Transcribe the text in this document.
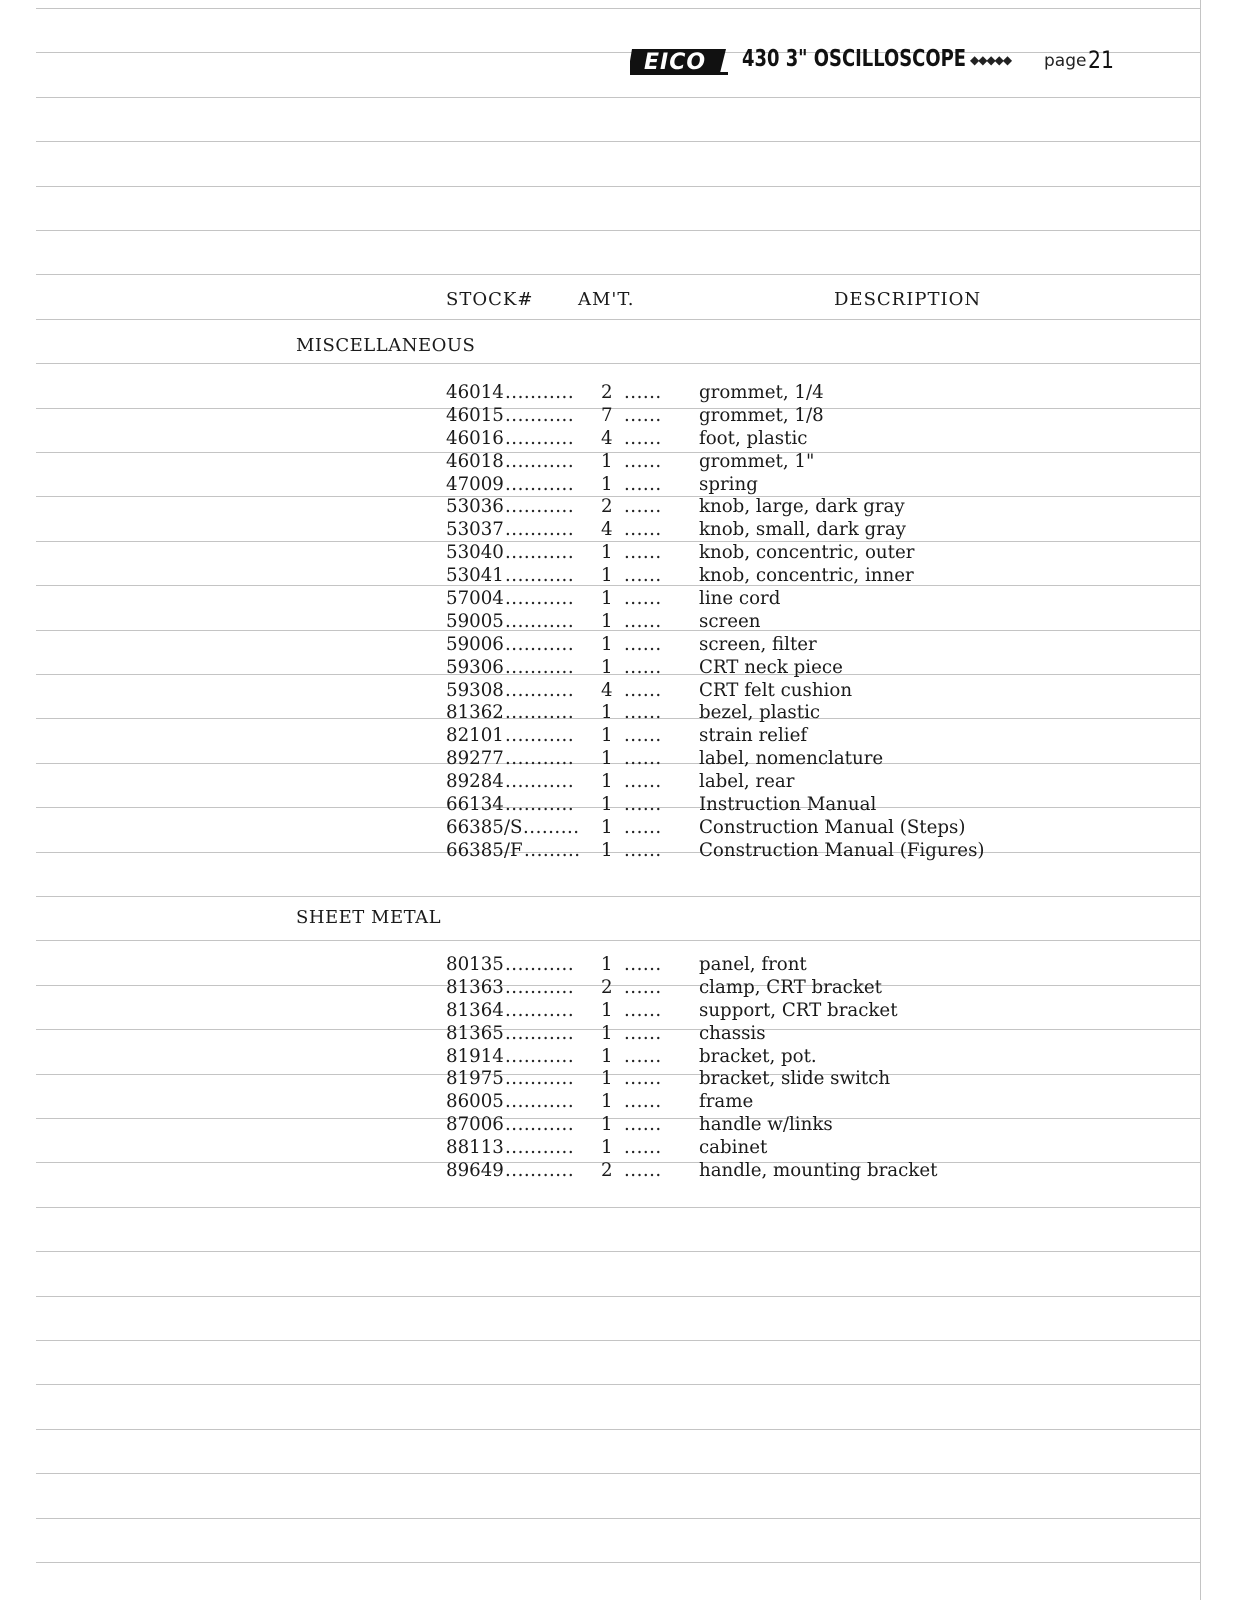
EICO 430 3" OSCILLOSCOPE ◆◆◆◆◆ page 21
STOCK# AM'T.	DESCRIPTION
MISCELLANEOUS
46014 ........... 2 ...... grommet, 1/4
46015 ........... 7 ...... grommet, 1/8
46016 ........... 4 ...... foot, plastic
46018 ........... 1 ...... grommet, 1"
47009 ........... 1 ...... spring
53036 ........... 2 ...... knob, large, dark gray
53037 ........... 4 ...... knob, small, dark gray
53040 ........... 1 ...... knob, concentric, outer
53041 ........... 1 ...... knob, concentric, inner
57004 ........... 1 ...... line cord
59005 ........... 1 ...... screen
59006 ........... 1 ...... screen, filter
59306 ........... 1 ...... CRT neck piece
59308 ........... 4 ...... CRT felt cushion
81362 ........... 1 ...... bezel, plastic
82101 ........... 1 ...... strain relief
89277 ........... 1 ...... label, nomenclature
89284 ........... 1 ...... label, rear
66134 ........... 1 ...... Instruction Manual
66385/S ......... 1 ...... Construction Manual (Steps)
66385/F ......... 1 ...... Construction Manual (Figures)
SHEET METAL
80135 ........... 1 ...... panel, front
81363 ........... 2 ...... clamp, CRT bracket
81364 ........... 1 ...... support, CRT bracket
81365 ........... 1 ...... chassis
81914 ........... 1 ...... bracket, pot.
81975 ........... 1 ...... bracket, slide switch
86005 ........... 1 ...... frame
87006 ........... 1 ...... handle w/links
88113 ........... 1 ...... cabinet
89649 ........... 2 ...... handle, mounting bracket
